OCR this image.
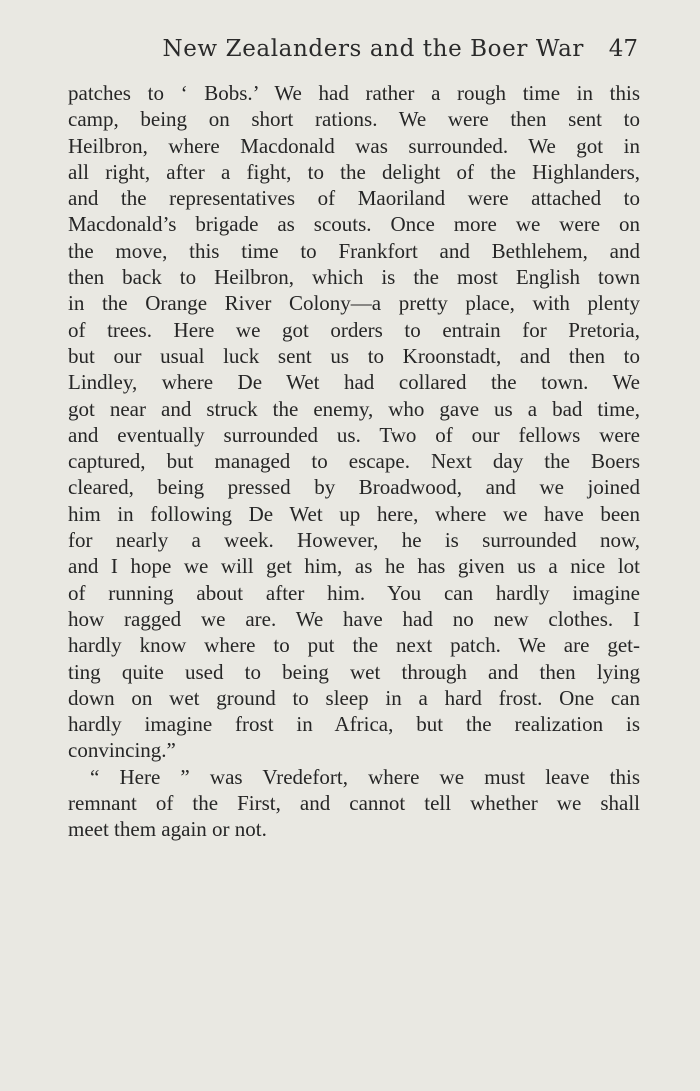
New Zealanders and the Boer War 47
patches to ‘ Bobs.’ We had rather a rough time in this
camp, being on short rations. We were then sent to
Heilbron, where Macdonald was surrounded. We got in
all right, after a fight, to the delight of the Highlanders,
and the representatives of Maoriland were attached to
Macdonald’s brigade as scouts. Once more we were on
the move, this time to Frankfort and Bethlehem, and
then back to Heilbron, which is the most English town
in the Orange River Colony—a pretty place, with plenty
of trees. Here we got orders to entrain for Pretoria,
but our usual luck sent us to Kroonstadt, and then to
Lindley, where De Wet had collared the town. We
got near and struck the enemy, who gave us a bad time,
and eventually surrounded us. Two of our fellows were
captured, but managed to escape. Next day the Boers
cleared, being pressed by Broadwood, and we joined
him in following De Wet up here, where we have been
for nearly a week. However, he is surrounded now,
and I hope we will get him, as he has given us a nice lot
of running about after him. You can hardly imagine
how ragged we are. We have had no new clothes. I
hardly know where to put the next patch. We are get-
ting quite used to being wet through and then lying
down on wet ground to sleep in a hard frost. One can
hardly imagine frost in Africa, but the realization is
convincing.”
“ Here ” was Vredefort, where we must leave this
remnant of the First, and cannot tell whether we shall
meet them again or not.
